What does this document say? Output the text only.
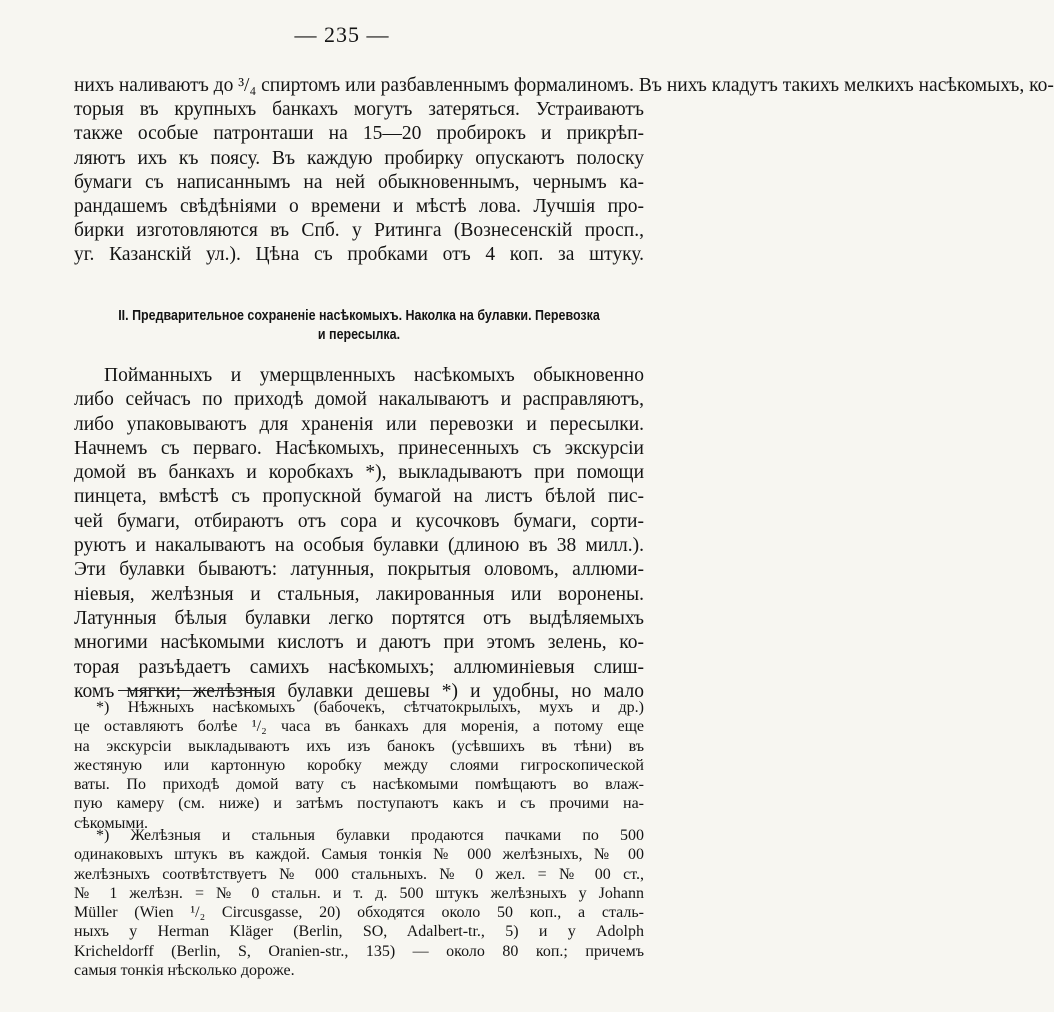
— 235 —
нихъ наливаютъ до ³/₄ спиртомъ или разбавленнымъ формалиномъ. Въ нихъ кладутъ такихъ мелкихъ насѣкомыхъ, ко-
торыя въ крупныхъ банкахъ могутъ затеряться. Устраиваютъ
также особые патронташи на 15—20 пробирокъ и прикрѣп-
ляютъ ихъ къ поясу. Въ каждую пробирку опускаютъ полоску
бумаги съ написаннымъ на ней обыкновеннымъ, чернымъ ка-
рандашемъ свѣдѣніями о времени и мѣстѣ лова. Лучшія про-
бирки изготовляются въ Спб. у Ритинга (Вознесенскій просп.,
уг. Казанскій ул.). Цѣна съ пробками отъ 4 коп. за штуку.
II. Предварительное сохраненіе насѣкомыхъ. Наколка на булавки. Перевозка
и пересылка.
Пойманныхъ и умерщвленныхъ насѣкомыхъ обыкновенно
либо сейчасъ по приходѣ домой накалываютъ и расправляютъ,
либо упаковываютъ для храненія или перевозки и пересылки.
Начнемъ съ перваго. Насѣкомыхъ, принесенныхъ съ экскурсіи
домой въ банкахъ и коробкахъ *), выкладываютъ при помощи
пинцета, вмѣстѣ съ пропускной бумагой на листъ бѣлой пис-
чей бумаги, отбираютъ отъ сора и кусочковъ бумаги, сорти-
руютъ и накалываютъ на особыя булавки (длиною въ 38 милл.).
Эти булавки бываютъ: латунныя, покрытыя оловомъ, аллюми-
ніевыя, желѣзныя и стальныя, лакированныя или воронены.
Латунныя бѣлыя булавки легко портятся отъ выдѣляемыхъ
многими насѣкомыми кислотъ и даютъ при этомъ зелень, ко-
торая разъѣдаетъ самихъ насѣкомыхъ; аллюминіевыя слиш-
комъ мягки; желѣзныя булавки дешевы *) и удобны, но мало
*) Нѣжныхъ насѣкомыхъ (бабочекъ, сѣтчатокрылыхъ, мухъ и др.)
це оставляютъ болѣе ¹/₂ часа въ банкахъ для моренія, а потому еще
на экскурсіи выкладываютъ ихъ изъ банокъ (усѣвшихъ въ тѣни) въ
жестяную или картонную коробку между слоями гигроскопической
ваты. По приходѣ домой вату съ насѣкомыми помѣщаютъ во влаж-
пую камеру (см. ниже) и затѣмъ поступаютъ какъ и съ прочими на-
сѣкомыми.
*) Желѣзныя и стальныя булавки продаются пачками по 500
одинаковыхъ штукъ въ каждой. Самыя тонкія № 000 желѣзныхъ, № 00
желѣзныхъ соотвѣтствуетъ № 000 стальныхъ. № 0 жел. = № 00 ст.,
№ 1 желѣзн. = № 0 стальн. и т. д. 500 штукъ желѣзныхъ у Johann
Müller (Wien ¹/₂ Circusgasse, 20) обходятся около 50 коп., а сталь-
ныхъ у Herman Kläger (Berlin, SO, Adalbert-tr., 5) и у Adolph
Kricheldorff (Berlin, S, Oranien-str., 135) — около 80 коп.; причемъ
самыя тонкія нѣсколько дороже.
